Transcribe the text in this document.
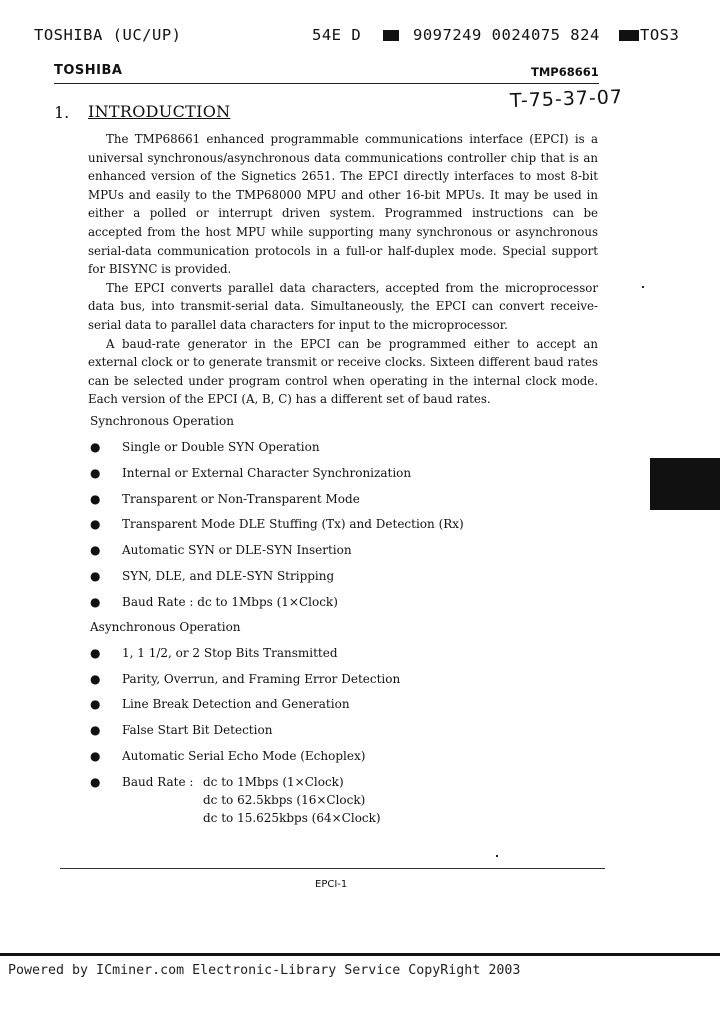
TOSHIBA (UC/UP)	54E D	9097249 0024075 824	TOS3
TOSHIBA	TMP68661
1. INTRODUCTION	T-75-37-07

The TMP68661 enhanced programmable communications interface (EPCI) is a universal synchronous/asynchronous data communications controller chip that is an enhanced version of the Signetics 2651. The EPCI directly interfaces to most 8-bit MPUs and easily to the TMP68000 MPU and other 16-bit MPUs. It may be used in either a polled or interrupt driven system. Programmed instructions can be accepted from the host MPU while supporting many synchronous or asynchronous serial-data communication protocols in a full-or half-duplex mode. Special support for BISYNC is provided.

The EPCI converts parallel data characters, accepted from the microprocessor data bus, into transmit-serial data. Simultaneously, the EPCI can convert receive-serial data to parallel data characters for input to the microprocessor.

A baud-rate generator in the EPCI can be programmed either to accept an external clock or to generate transmit or receive clocks. Sixteen different baud rates can be selected under program control when operating in the internal clock mode. Each version of the EPCI (A, B, C) has a different set of baud rates.

Synchronous Operation
● Single or Double SYN Operation
● Internal or External Character Synchronization
● Transparent or Non-Transparent Mode
● Transparent Mode DLE Stuffing (Tx) and Detection (Rx)
● Automatic SYN or DLE-SYN Insertion
● SYN, DLE, and DLE-SYN Stripping
● Baud Rate : dc to 1Mbps (1×Clock)
Asynchronous Operation
● 1, 1 1/2, or 2 Stop Bits Transmitted
● Parity, Overrun, and Framing Error Detection
● Line Break Detection and Generation
● False Start Bit Detection
● Automatic Serial Echo Mode (Echoplex)
● Baud Rate : dc to 1Mbps (1×Clock)
dc to 62.5kbps (16×Clock)
dc to 15.625kbps (64×Clock)
EPCI-1
Powered by ICminer.com Electronic-Library Service CopyRight 2003
